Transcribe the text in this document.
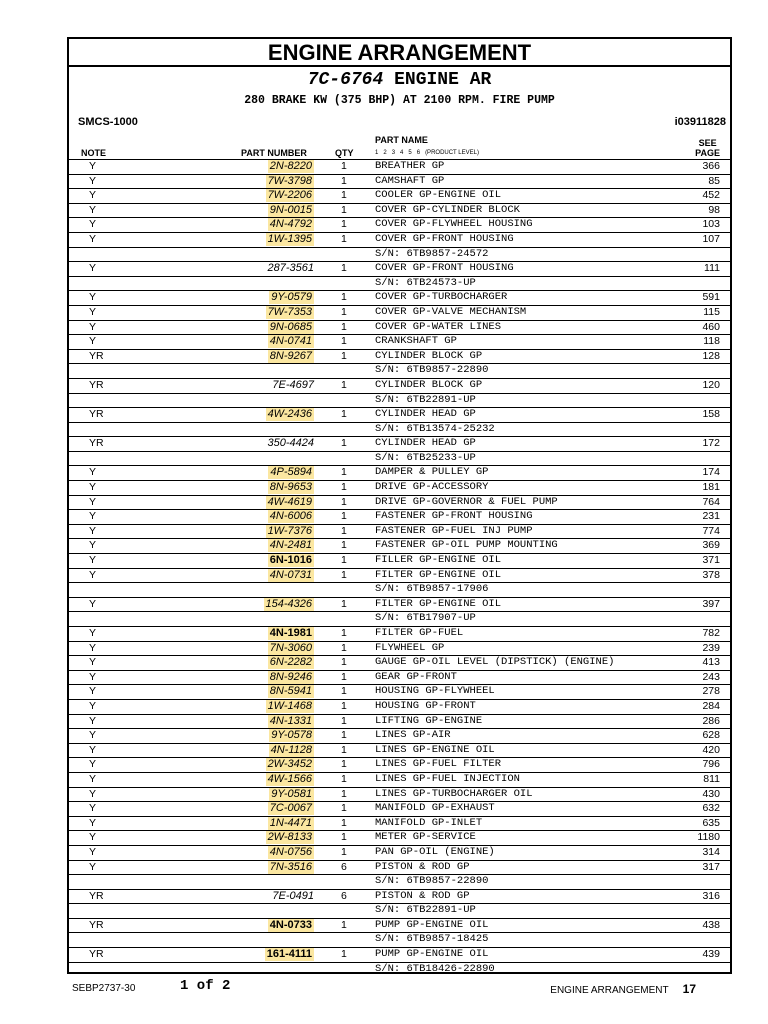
ENGINE ARRANGEMENT
7C-6764 ENGINE AR
280 BRAKE KW (375 BHP) AT 2100 RPM. FIRE PUMP
SMCS-1000	i03911828
NOTE	PART NUMBER	QTY
PART NAME
1 2 3 4 5 6 (PRODUCT LEVEL)
SEE
PAGE
Y	2N-8220	1	BREATHER GP	366
Y	7W-3798	1	CAMSHAFT GP	85
Y	7W-2206	1	COOLER GP-ENGINE OIL	452
Y	9N-0015	1	COVER GP-CYLINDER BLOCK	98
Y	4N-4792	1	COVER GP-FLYWHEEL HOUSING	103
Y	1W-1395	1	COVER GP-FRONT HOUSING	107
S/N: 6TB9857-24572
Y	287-3561	1	COVER GP-FRONT HOUSING	111
S/N: 6TB24573-UP
Y	9Y-0579	1	COVER GP-TURBOCHARGER	591
Y	7W-7353	1	COVER GP-VALVE MECHANISM	115
Y	9N-0685	1	COVER GP-WATER LINES	460
Y	4N-0741	1	CRANKSHAFT GP	118
YR	8N-9267	1	CYLINDER BLOCK GP	128
S/N: 6TB9857-22890
YR	7E-4697	1	CYLINDER BLOCK GP	120
S/N: 6TB22891-UP
YR	4W-2436	1	CYLINDER HEAD GP	158
S/N: 6TB13574-25232
YR	350-4424	1	CYLINDER HEAD GP	172
S/N: 6TB25233-UP
Y	4P-5894	1	DAMPER & PULLEY GP	174
Y	8N-9653	1	DRIVE GP-ACCESSORY	181
Y	4W-4619	1	DRIVE GP-GOVERNOR & FUEL PUMP	764
Y	4N-6006	1	FASTENER GP-FRONT HOUSING	231
Y	1W-7376	1	FASTENER GP-FUEL INJ PUMP	774
Y	4N-2481	1	FASTENER GP-OIL PUMP MOUNTING	369
Y	6N-1016	1	FILLER GP-ENGINE OIL	371
Y	4N-0731	1	FILTER GP-ENGINE OIL	378
S/N: 6TB9857-17906
Y	154-4326	1	FILTER GP-ENGINE OIL	397
S/N: 6TB17907-UP
Y	4N-1981	1	FILTER GP-FUEL	782
Y	7N-3060	1	FLYWHEEL GP	239
Y	6N-2282	1	GAUGE GP-OIL LEVEL (DIPSTICK) (ENGINE)	413
Y	8N-9246	1	GEAR GP-FRONT	243
Y	8N-5941	1	HOUSING GP-FLYWHEEL	278
Y	1W-1468	1	HOUSING GP-FRONT	284
Y	4N-1331	1	LIFTING GP-ENGINE	286
Y	9Y-0578	1	LINES GP-AIR	628
Y	4N-1128	1	LINES GP-ENGINE OIL	420
Y	2W-3452	1	LINES GP-FUEL FILTER	796
Y	4W-1566	1	LINES GP-FUEL INJECTION	811
Y	9Y-0581	1	LINES GP-TURBOCHARGER OIL	430
Y	7C-0067	1	MANIFOLD GP-EXHAUST	632
Y	1N-4471	1	MANIFOLD GP-INLET	635
Y	2W-8133	1	METER GP-SERVICE	1180
Y	4N-0756	1	PAN GP-OIL (ENGINE)	314
Y	7N-3516	6	PISTON & ROD GP	317
S/N: 6TB9857-22890
YR	7E-0491	6	PISTON & ROD GP	316
S/N: 6TB22891-UP
YR	4N-0733	1	PUMP GP-ENGINE OIL	438
S/N: 6TB9857-18425
YR	161-4111	1	PUMP GP-ENGINE OIL	439
S/N: 6TB18426-22890
SEBP2737-30	1 of 2	ENGINE ARRANGEMENT 17
